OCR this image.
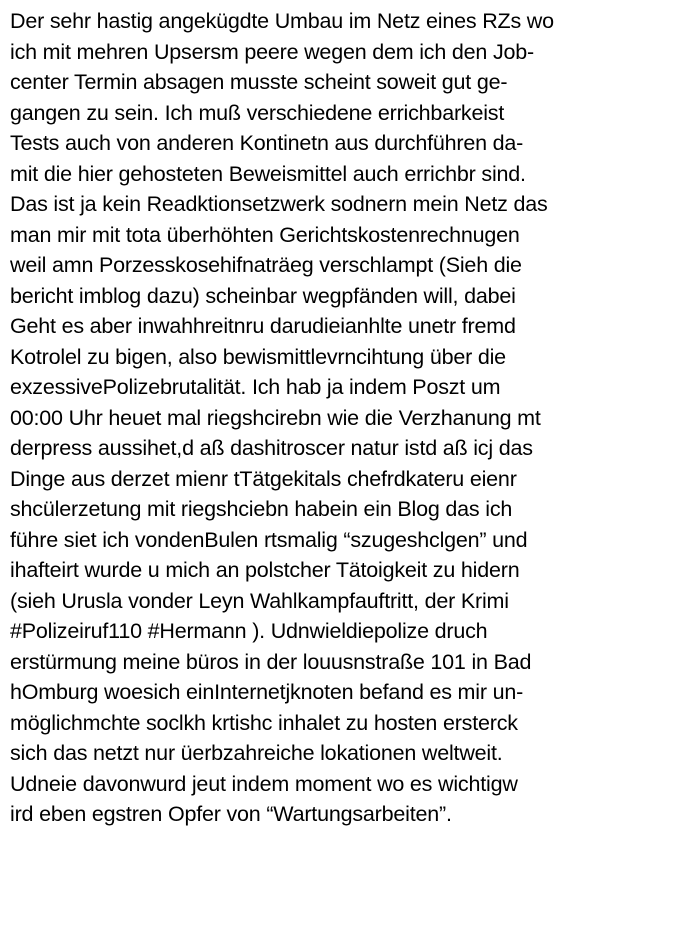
Der sehr hastig angekügdte Umbau im Netz eines RZs wo
ich mit mehren Upsersm peere wegen dem ich den Job-
center Termin absagen musste scheint soweit gut ge-
gangen zu sein. Ich muß verschiedene errichbarkeist
Tests auch von anderen Kontinetn aus durchführen da-
mit die hier gehosteten Beweismittel auch errichbr sind.
Das ist ja kein Readktionsetzwerk sodnern mein Netz das
man mir mit tota überhöhten Gerichtskostenrechnugen
weil amn Porzesskosehifnaträeg verschlampt (Sieh die
bericht imblog dazu) scheinbar wegpfänden will, dabei
Geht es aber inwahhreitnru darudieianhlte unetr fremd
Kotrolel zu bigen, also bewismittlevrncihtung über die
exzessivePolizebrutalität. Ich hab ja indem Poszt um
00:00 Uhr heuet mal riegshcirebn wie die Verzhanung mt
derpress aussihet,d aß dashitroscer natur istd aß icj das
Dinge aus derzet mienr tTätgekitals chefrdkateru eienr
shcülerzetung mit riegshciebn habein ein Blog das ich
führe siet ich vondenBulen rtsmalig “szugeshclgen” und
ihafteirt wurde u mich an polstcher Tätoigkeit zu hidern
(sieh Urusla vonder Leyn Wahlkampfauftritt, der Krimi
#Polizeiruf110 #Hermann ). Udnwieldiepolize druch
erstürmung meine büros in der louusnstraße 101 in Bad
hOmburg woesich einInternetjknoten befand es mir un-
möglichmchte soclkh krtishc inhalet zu hosten ersterck
sich das netzt nur üerbzahreiche lokationen weltweit.
Udneie davonwurd jeut indem moment wo es wichtigw
ird eben egstren Opfer von “Wartungsarbeiten”.
